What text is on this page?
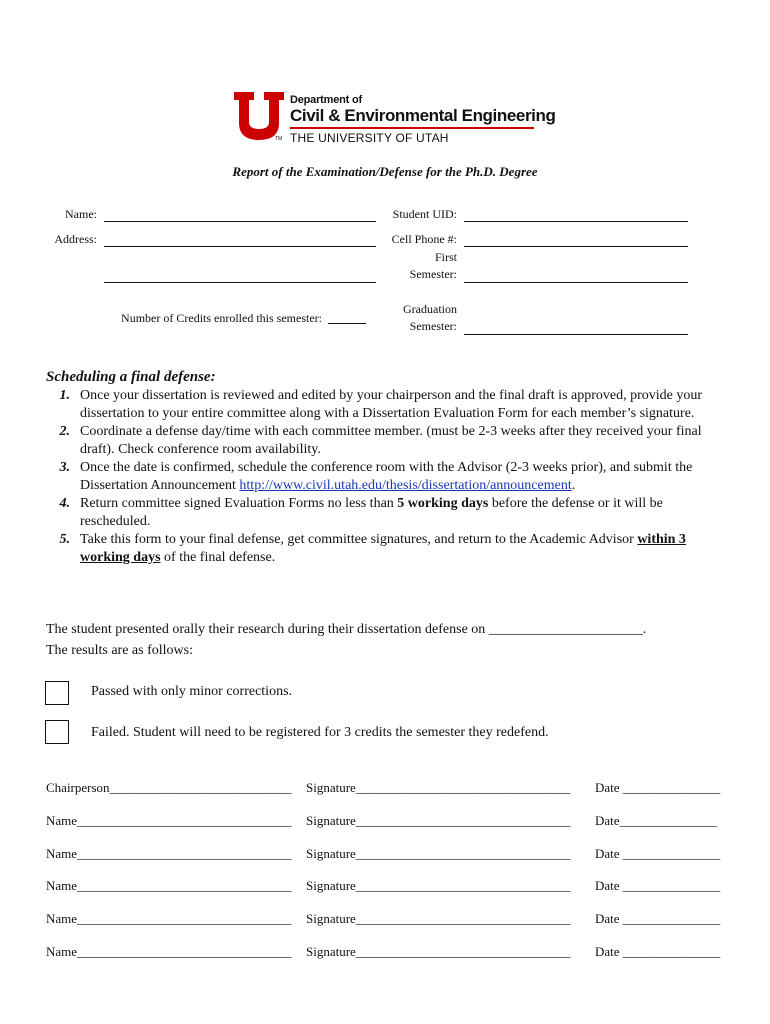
TM
Department of
Civil & Environmental Engineering
THE UNIVERSITY OF UTAH
Report of the Examination/Defense for the Ph.D. Degree
Name:
Address:
Number of Credits enrolled this semester:
Student UID:
Cell Phone #:
First
Semester:
Graduation
Semester:
Scheduling a final defense:
1. Once your dissertation is reviewed and edited by your chairperson and the final draft is approved, provide your dissertation to your entire committee along with a Dissertation Evaluation Form for each member’s signature.
2. Coordinate a defense day/time with each committee member. (must be 2-3 weeks after they received your final draft). Check conference room availability.
3. Once the date is confirmed, schedule the conference room with the Advisor (2-3 weeks prior), and submit the Dissertation Announcement http://www.civil.utah.edu/thesis/dissertation/announcement.
4. Return committee signed Evaluation Forms no less than 5 working days before the defense or it will be rescheduled.
5. Take this form to your final defense, get committee signatures, and return to the Academic Advisor within 3 working days of the final defense.
The student presented orally their research during their dissertation defense on ______________________.
The results are as follows:
Passed with only minor corrections.
Failed. Student will need to be registered for 3 credits the semester they redefend.
Chairperson____________________________ Signature_________________________________ Date _______________
Name_________________________________ Signature_________________________________ Date_______________
Name_________________________________ Signature_________________________________ Date _______________
Name_________________________________ Signature_________________________________ Date _______________
Name_________________________________ Signature_________________________________ Date _______________
Name_________________________________ Signature_________________________________ Date _______________
